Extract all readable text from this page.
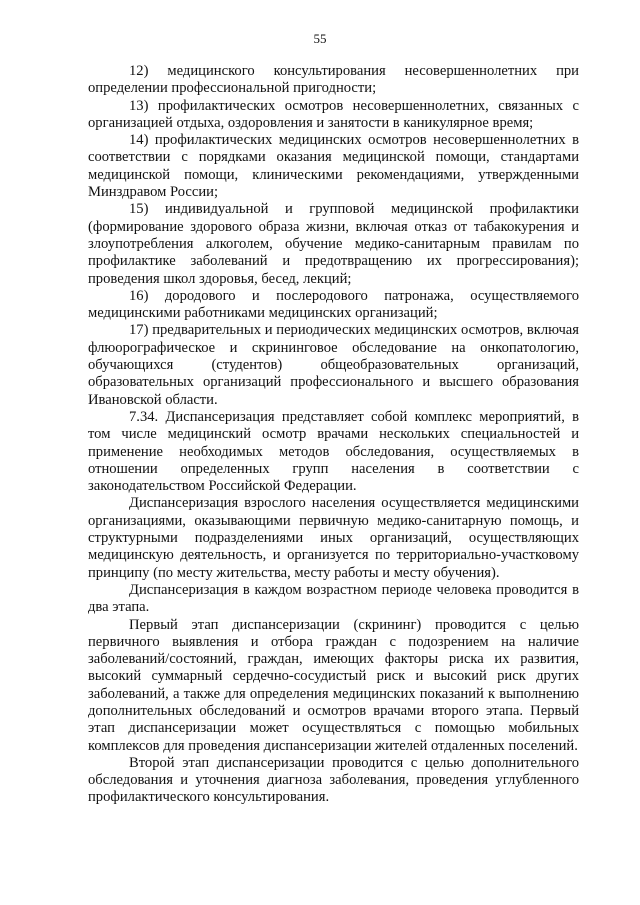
55

12) медицинского консультирования несовершеннолетних при определении профессиональной пригодности;

13) профилактических осмотров несовершеннолетних, связанных с организацией отдыха, оздоровления и занятости в каникулярное время;

14) профилактических медицинских осмотров несовершеннолетних в соответствии с порядками оказания медицинской помощи, стандартами медицинской помощи, клиническими рекомендациями, утвержденными Минздравом России;

15) индивидуальной и групповой медицинской профилактики (формирование здорового образа жизни, включая отказ от табакокурения и злоупотребления алкоголем, обучение медико-санитарным правилам по профилактике заболеваний и предотвращению их прогрессирования); проведения школ здоровья, бесед, лекций;

16) дородового и послеродового патронажа, осуществляемого медицинскими работниками медицинских организаций;

17) предварительных и периодических медицинских осмотров, включая флюорографическое и скрининговое обследование на онкопатологию, обучающихся (студентов) общеобразовательных организаций, образовательных организаций профессионального и высшего образования Ивановской области.

7.34. Диспансеризация представляет собой комплекс мероприятий, в том числе медицинский осмотр врачами нескольких специальностей и применение необходимых методов обследования, осуществляемых в отношении определенных групп населения в соответствии с законодательством Российской Федерации.

Диспансеризация взрослого населения осуществляется медицинскими организациями, оказывающими первичную медико-санитарную помощь, и структурными подразделениями иных организаций, осуществляющих медицинскую деятельность, и организуется по территориально-участковому принципу (по месту жительства, месту работы и месту обучения).

Диспансеризация в каждом возрастном периоде человека проводится в два этапа.

Первый этап диспансеризации (скрининг) проводится с целью первичного выявления и отбора граждан с подозрением на наличие заболеваний/состояний, граждан, имеющих факторы риска их развития, высокий суммарный сердечно-сосудистый риск и высокий риск других заболеваний, а также для определения медицинских показаний к выполнению дополнительных обследований и осмотров врачами второго этапа. Первый этап диспансеризации может осуществляться с помощью мобильных комплексов для проведения диспансеризации жителей отдаленных поселений.

Второй этап диспансеризации проводится с целью дополнительного обследования и уточнения диагноза заболевания, проведения углубленного профилактического консультирования.
